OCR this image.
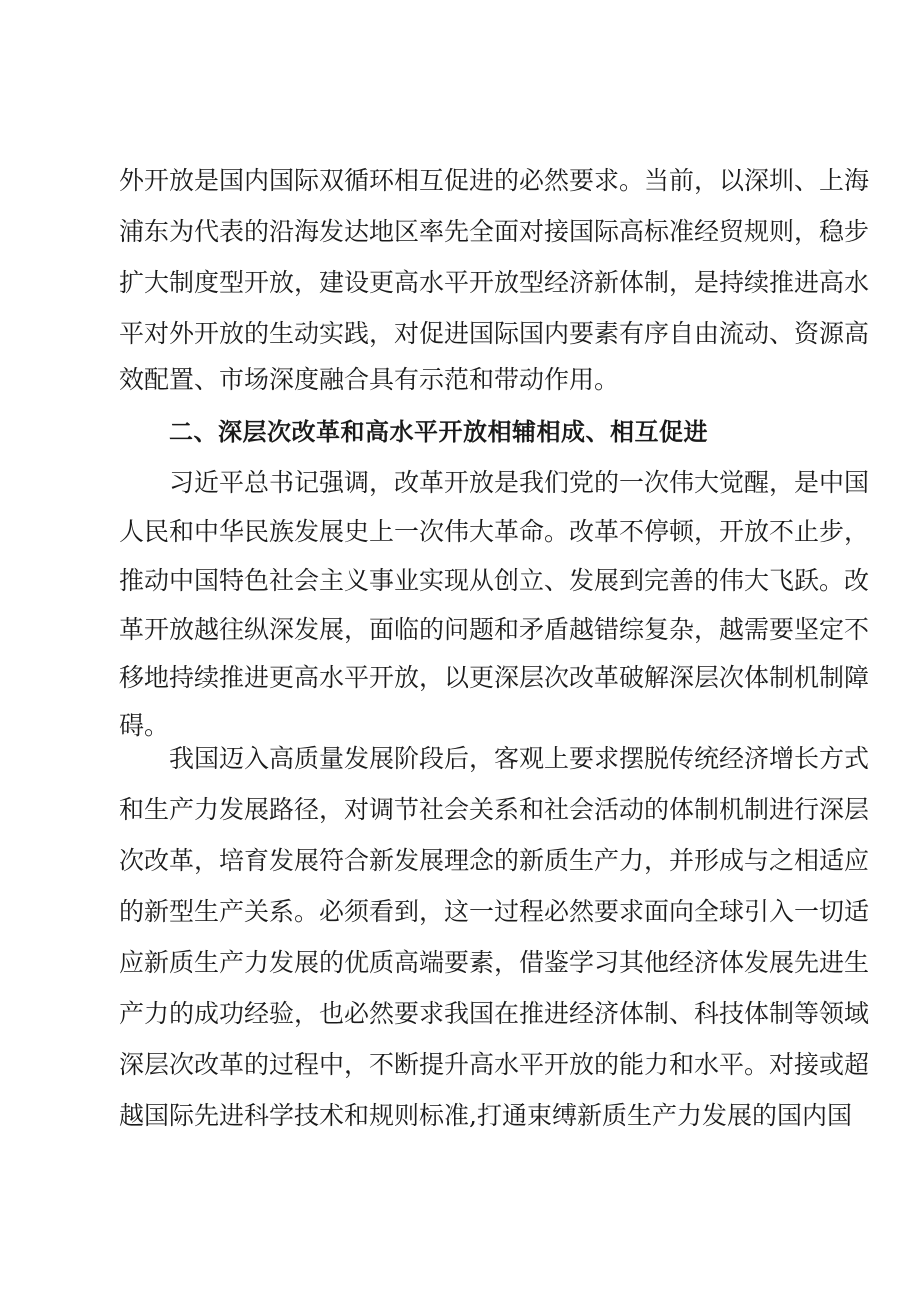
外开放是国内国际双循环相互促进的必然要求。当前，以深圳、上海
浦东为代表的沿海发达地区率先全面对接国际高标准经贸规则，稳步
扩大制度型开放，建设更高水平开放型经济新体制，是持续推进高水
平对外开放的生动实践，对促进国际国内要素有序自由流动、资源高
效配置、市场深度融合具有示范和带动作用。
二、深层次改革和高水平开放相辅相成、相互促进
习近平总书记强调，改革开放是我们党的一次伟大觉醒，是中国
人民和中华民族发展史上一次伟大革命。改革不停顿，开放不止步，
推动中国特色社会主义事业实现从创立、发展到完善的伟大飞跃。改
革开放越往纵深发展，面临的问题和矛盾越错综复杂，越需要坚定不
移地持续推进更高水平开放，以更深层次改革破解深层次体制机制障
碍。
我国迈入高质量发展阶段后，客观上要求摆脱传统经济增长方式
和生产力发展路径，对调节社会关系和社会活动的体制机制进行深层
次改革，培育发展符合新发展理念的新质生产力，并形成与之相适应
的新型生产关系。必须看到，这一过程必然要求面向全球引入一切适
应新质生产力发展的优质高端要素，借鉴学习其他经济体发展先进生
产力的成功经验，也必然要求我国在推进经济体制、科技体制等领域
深层次改革的过程中，不断提升高水平开放的能力和水平。对接或超
越国际先进科学技术和规则标准,打通束缚新质生产力发展的国内国
